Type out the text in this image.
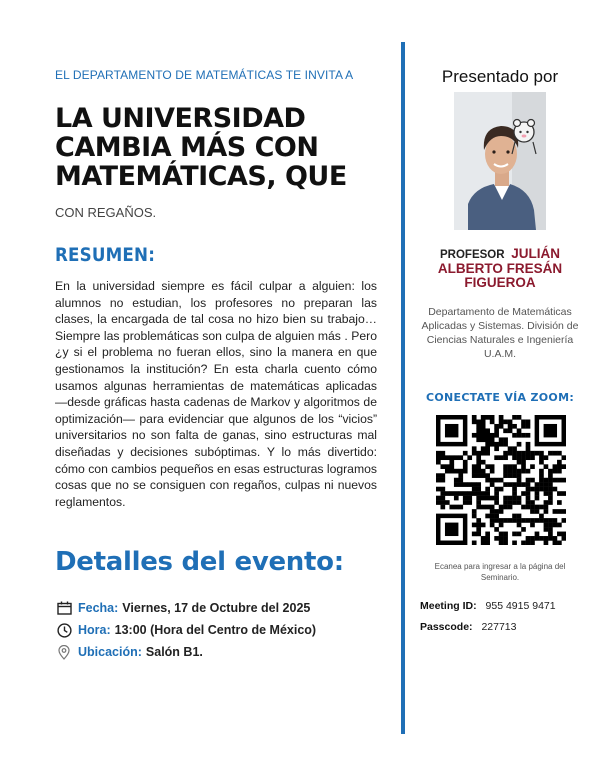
EL DEPARTAMENTO DE MATEMÁTICAS TE INVITA A
LA UNIVERSIDAD
CAMBIA MÁS CON
MATEMÁTICAS, QUE
CON REGAÑOS.
RESUMEN:

En la universidad siempre es fácil culpar a alguien: los alumnos no estudian, los profesores no preparan las clases, la encargada de tal cosa no hizo bien su trabajo… Siempre las problemáticas son culpa de alguien más . Pero ¿y si el problema no fueran ellos, sino la manera en que gestionamos la institución? En esta charla cuento cómo usamos algunas herramientas de matemáticas aplicadas —desde gráficas hasta cadenas de Markov y algoritmos de optimización— para evidenciar que algunos de los “vicios” universitarios no son falta de ganas, sino estructuras mal diseñadas y decisiones subóptimas. Y lo más divertido: cómo con cambios pequeños en esas estructuras logramos cosas que no se consiguen con regaños, culpas ni nuevos reglamentos.

Detalles del evento:
Fecha: Viernes, 17 de Octubre del 2025
Hora: 13:00 (Hora del Centro de México)
Ubicación: Salón B1.
Presentado por
PROFESOR JULIÁN
ALBERTO FRESÁN
FIGUEROA
Departamento de Matemáticas Aplicadas y Sistemas. División de Ciencias Naturales e Ingeniería U.A.M.
CONECTATE VÍA ZOOM:
Ecanea para ingresar a la página del Seminario.
Meeting ID: 955 4915 9471
Passcode: 227713
